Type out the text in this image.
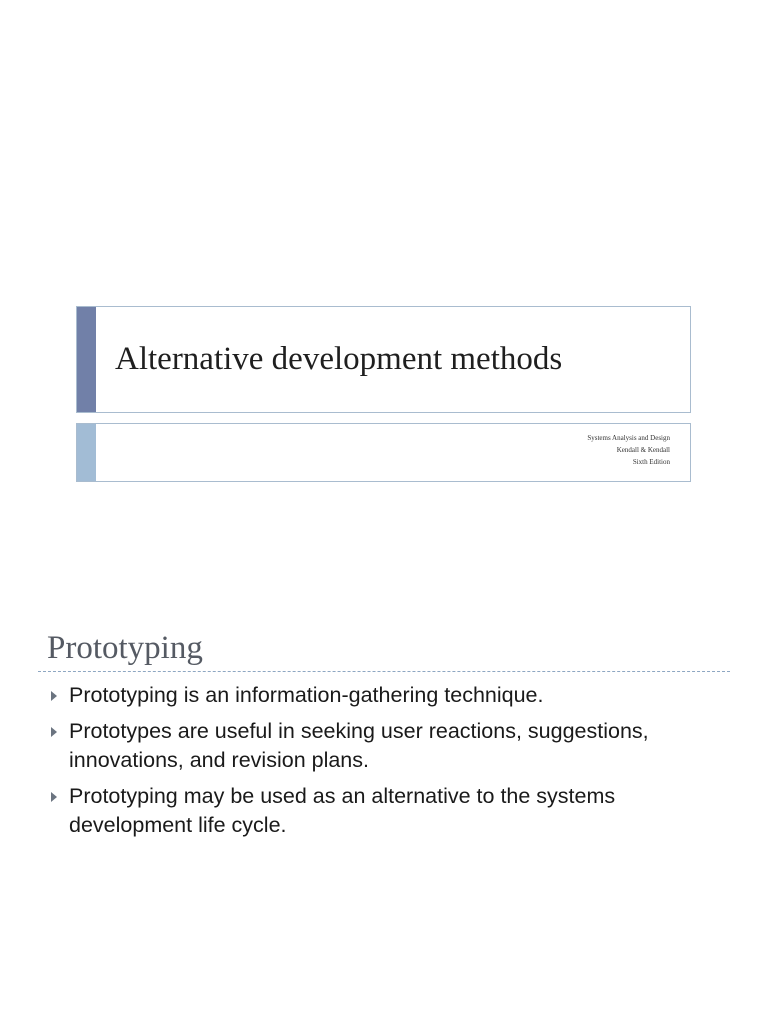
Alternative development methods
Systems Analysis and Design
Kendall & Kendall
Sixth Edition
Prototyping
Prototyping is an information-gathering technique.
Prototypes are useful in seeking user reactions, suggestions, innovations, and revision plans.
Prototyping may be used as an alternative to the systems development life cycle.
